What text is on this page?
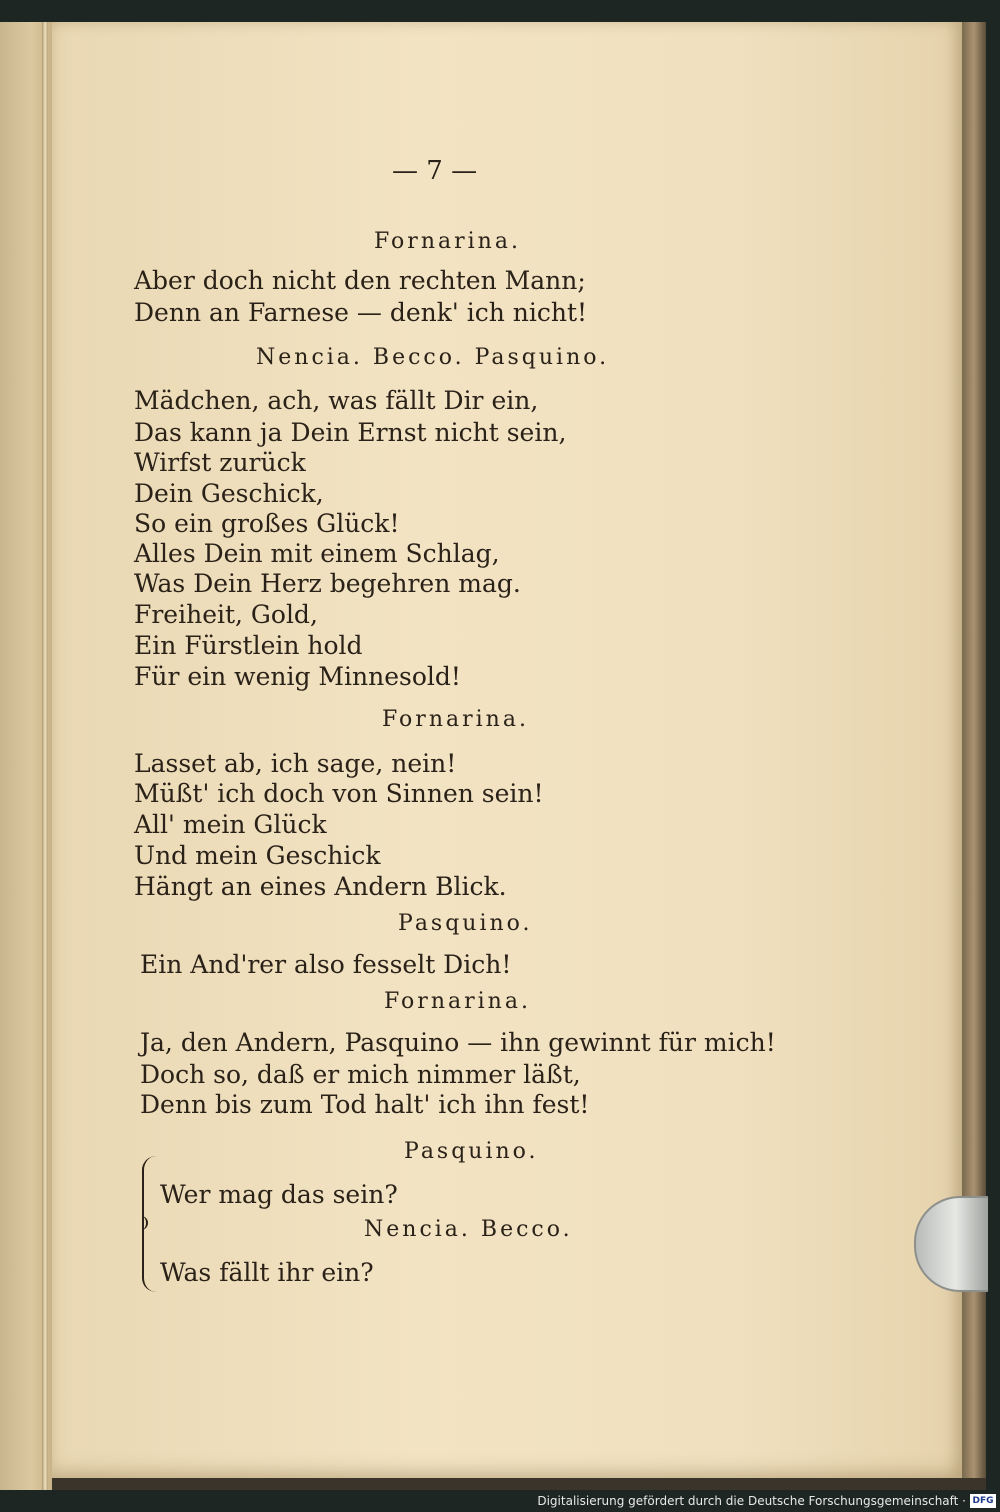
— 7 —
Fornarina.
Aber doch nicht den rechten Mann;
Denn an Farnese — denk' ich nicht!
Nencia. Becco. Pasquino.
Mädchen, ach, was fällt Dir ein,
Das kann ja Dein Ernst nicht sein,
Wirfst zurück
Dein Geschick,
So ein großes Glück!
Alles Dein mit einem Schlag,
Was Dein Herz begehren mag.
Freiheit, Gold,
Ein Fürstlein hold
Für ein wenig Minnesold!
Fornarina.
Lasset ab, ich sage, nein!
Müßt' ich doch von Sinnen sein!
All' mein Glück
Und mein Geschick
Hängt an eines Andern Blick.
Pasquino.
Ein And'rer also fesselt Dich!
Fornarina.
Ja, den Andern, Pasquino — ihn gewinnt für mich!
Doch so, daß er mich nimmer läßt,
Denn bis zum Tod halt' ich ihn fest!
Pasquino.
Wer mag das sein?
Nencia. Becco.
Was fällt ihr ein?
Digitalisierung gefördert durch die Deutsche Forschungsgemeinschaft · DFG
